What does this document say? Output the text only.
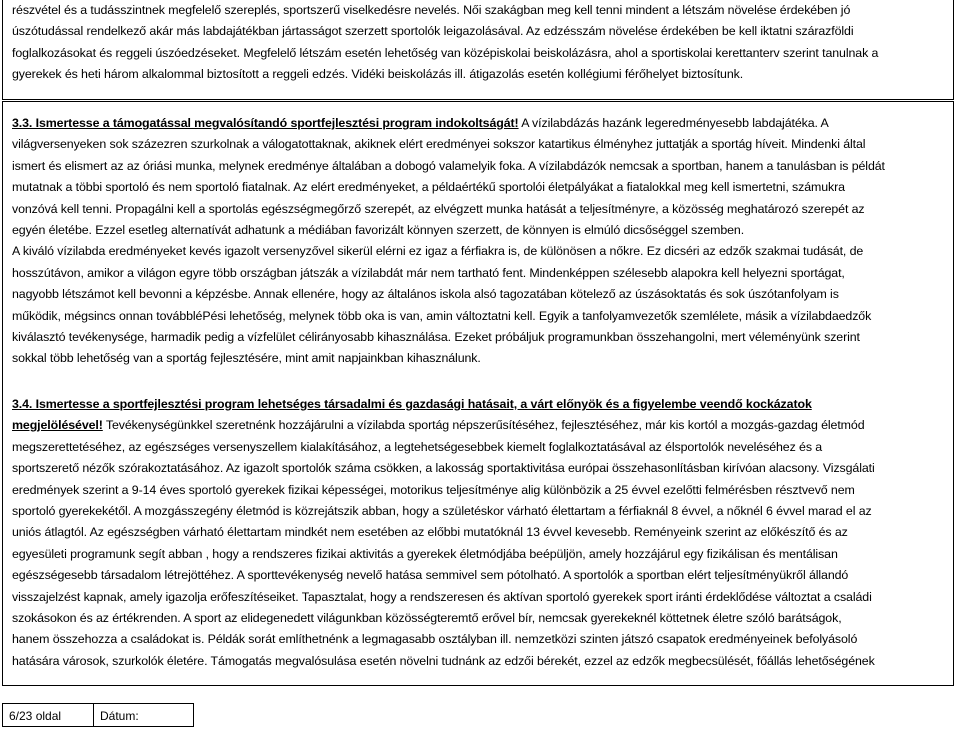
részvétel és a tudásszintnek megfelelő szereplés, sportszerű viselkedésre nevelés. Női szakágban meg kell tenni mindent a létszám növelése érdekében jó

úszótudással rendelkező akár más labdajátékban jártasságot szerzett sportolók leigazolásával. Az edzésszám növelése érdekében be kell iktatni szárazföldi

foglalkozásokat és reggeli úszóedzéseket. Megfelelő létszám esetén lehetőség van középiskolai beiskolázásra, ahol a sportiskolai kerettanterv szerint tanulnak a

gyerekek és heti három alkalommal biztosított a reggeli edzés. Vidéki beiskolázás ill. átigazolás esetén kollégiumi férőhelyet biztosítunk.

3.3. Ismertesse a támogatással megvalósítandó sportfejlesztési program indokoltságát! A vízilabdázás hazánk legeredményesebb labdajátéka. A

világversenyeken sok százezren szurkolnak a válogatottaknak, akiknek elért eredményei sokszor katartikus élményhez juttatják a sportág híveit. Mindenki által

ismert és elismert az az óriási munka, melynek eredménye általában a dobogó valamelyik foka. A vízilabdázók nemcsak a sportban, hanem a tanulásban is példát

mutatnak a többi sportoló és nem sportoló fiatalnak. Az elért eredményeket, a példaértékű sportolói életpályákat a fiatalokkal meg kell ismertetni, számukra

vonzóvá kell tenni. Propagálni kell a sportolás egészségmegőrző szerepét, az elvégzett munka hatását a teljesítményre, a közösség meghatározó szerepét az

egyén életébe. Ezzel esetleg alternatívát adhatunk a médiában favorizált könnyen szerzett, de könnyen is elmúló dicsőséggel szemben.

A kiváló vízilabda eredményeket kevés igazolt versenyzővel sikerül elérni ez igaz a férfiakra is, de különösen a nőkre. Ez dicséri az edzők szakmai tudását, de

hosszútávon, amikor a világon egyre több országban játszák a vízilabdát már nem tartható fent. Mindenképpen szélesebb alapokra kell helyezni sportágat,

nagyobb létszámot kell bevonni a képzésbe. Annak ellenére, hogy az általános iskola alsó tagozatában kötelező az úszásoktatás és sok úszótanfolyam is

működik, mégsincs onnan továbbléPési lehetőség, melynek több oka is van, amin változtatni kell. Egyik a tanfolyamvezetők szemlélete, másik a vízilabdaedzők

kiválasztó tevékenysége, harmadik pedig a vízfelület célirányosabb kihasználása. Ezeket próbáljuk programunkban összehangolni, mert véleményünk szerint

sokkal több lehetőség van a sportág fejlesztésére, mint amit napjainkban kihasználunk.

3.4. Ismertesse a sportfejlesztési program lehetséges társadalmi és gazdasági hatásait, a várt előnyök és a figyelembe veendő kockázatok

megjelölésével! Tevékenységünkkel szeretnénk hozzájárulni a vízilabda sportág népszerűsítéséhez, fejlesztéséhez, már kis kortól a mozgás-gazdag életmód

megszerettetéséhez, az egészséges versenyszellem kialakításához, a legtehetségesebbek kiemelt foglalkoztatásával az élsportolók neveléséhez és a

sportszerető nézők szórakoztatásához. Az igazolt sportolók száma csökken, a lakosság sportaktivitása európai összehasonlításban kirívóan alacsony. Vizsgálati

eredmények szerint a 9-14 éves sportoló gyerekek fizikai képességei, motorikus teljesítménye alig különbözik a 25 évvel ezelőtti felmérésben résztvevő nem

sportoló gyerekekétől. A mozgásszegény életmód is közrejátszik abban, hogy a születéskor várható élettartam a férfiaknál 8 évvel, a nőknél 6 évvel marad el az

uniós átlagtól. Az egészségben várható élettartam mindkét nem esetében az előbbi mutatóknál 13 évvel kevesebb. Reményeink szerint az előkészítő és az

egyesületi programunk segít abban , hogy a rendszeres fizikai aktivitás a gyerekek életmódjába beépüljön, amely hozzájárul egy fizikálisan és mentálisan

egészségesebb társadalom létrejöttéhez. A sporttevékenység nevelő hatása semmivel sem pótolható. A sportolók a sportban elért teljesítményükről állandó

visszajelzést kapnak, amely igazolja erőfeszítéseiket. Tapasztalat, hogy a rendszeresen és aktívan sportoló gyerekek sport iránti érdeklődése változtat a családi

szokásokon és az értékrenden. A sport az elidegenedett világunkban közösségteremtő erővel bír, nemcsak gyerekeknél köttetnek életre szóló barátságok,

hanem összehozza a családokat is. Példák sorát említhetnénk a legmagasabb osztályban ill. nemzetközi szinten játszó csapatok eredményeinek befolyásoló

hatására városok, szurkolók életére. Támogatás megvalósulása esetén növelni tudnánk az edzői bérekét, ezzel az edzők megbecsülését, főállás lehetőségének

6/23 oldal	Dátum:
